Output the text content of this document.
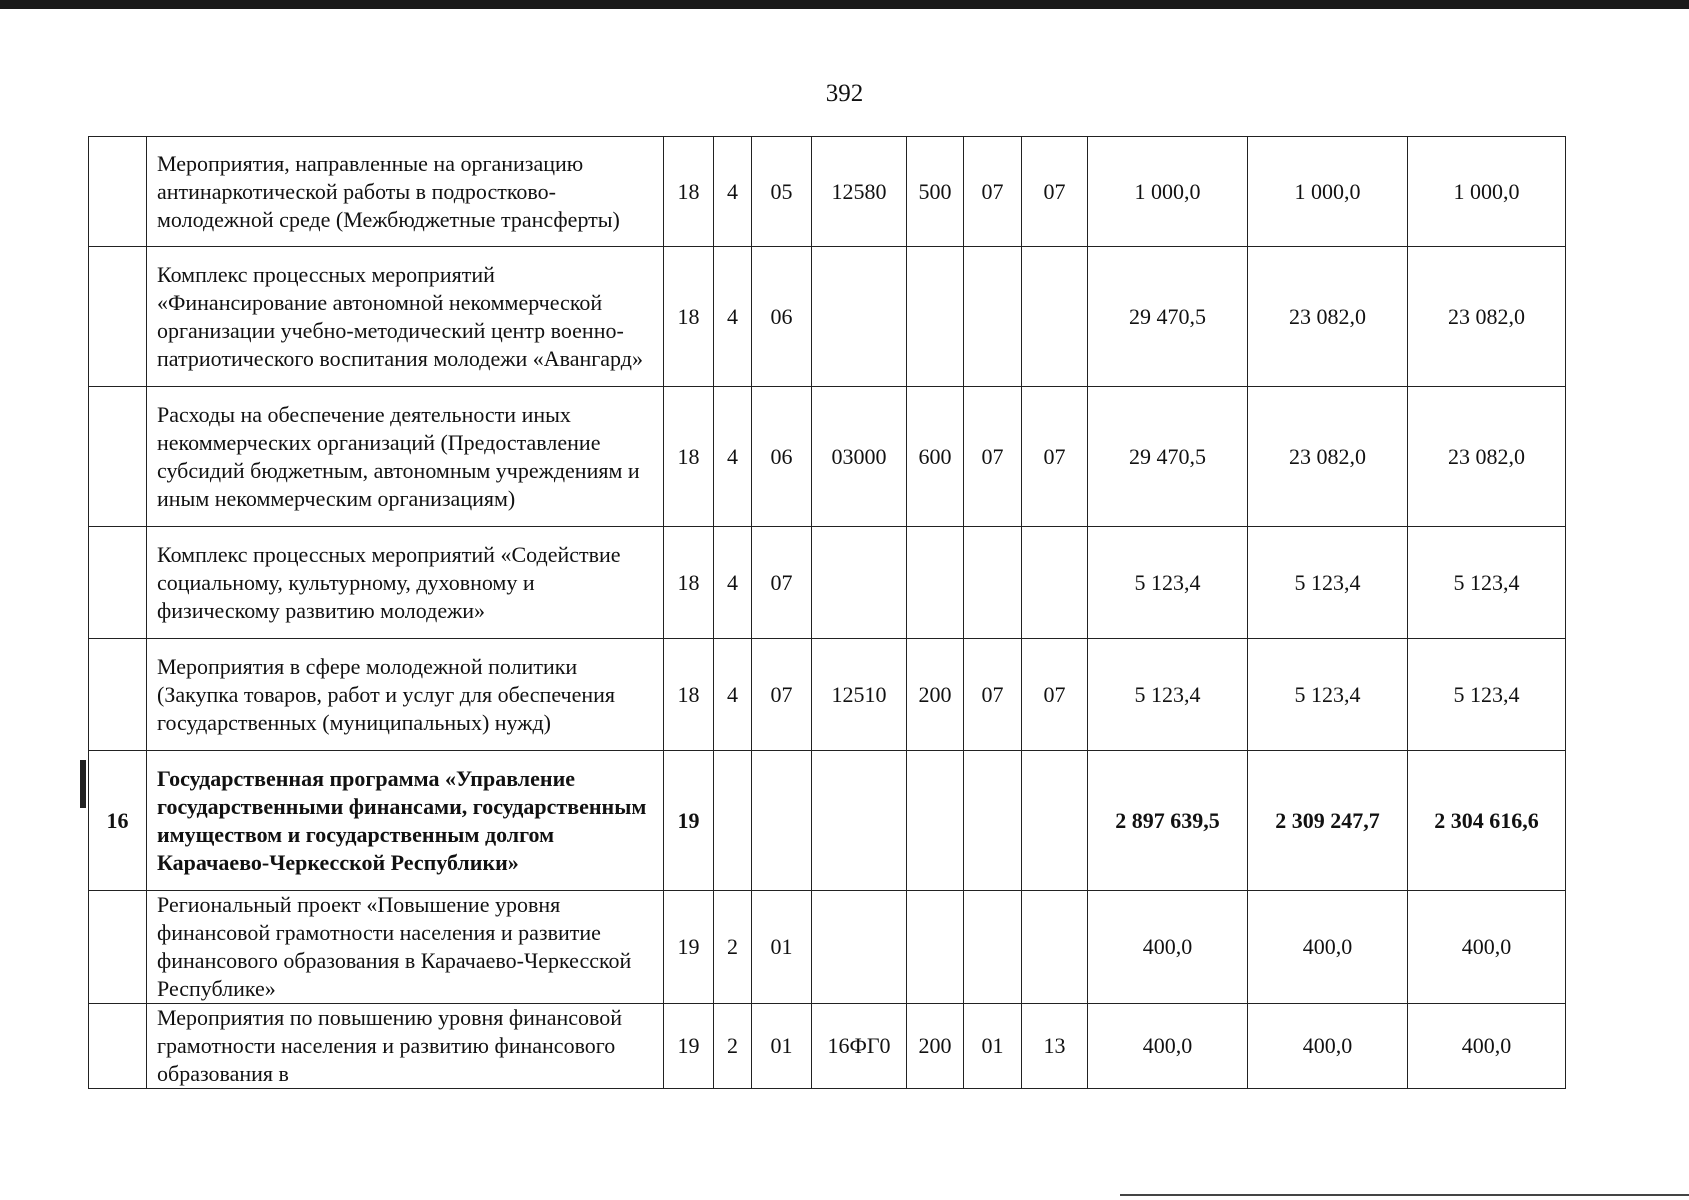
392
	Мероприятия, направленные на организацию антинаркотической работы в подростково-молодежной среде (Межбюджетные трансферты)	18	4	05	12580	500	07	07	1 000,0	1 000,0	1 000,0
	Комплекс процессных мероприятий «Финансирование автономной некоммерческой организации учебно-методический центр военно-патриотического воспитания молодежи «Авангард»	18	4	06					29 470,5	23 082,0	23 082,0
	Расходы на обеспечение деятельности иных некоммерческих организаций (Предоставление субсидий бюджетным, автономным учреждениям и иным некоммерческим организациям)	18	4	06	03000	600	07	07	29 470,5	23 082,0	23 082,0
	Комплекс процессных мероприятий «Содействие социальному, культурному, духовному и физическому развитию молодежи»	18	4	07					5 123,4	5 123,4	5 123,4
	Мероприятия в сфере молодежной политики (Закупка товаров, работ и услуг для обеспечения государственных (муниципальных) нужд)	18	4	07	12510	200	07	07	5 123,4	5 123,4	5 123,4
16	Государственная программа «Управление государственными финансами, государственным имуществом и государственным долгом Карачаево-Черкесской Республики»	19							2 897 639,5	2 309 247,7	2 304 616,6
	Региональный проект «Повышение уровня финансовой грамотности населения и развитие финансового образования в Карачаево-Черкесской Республике»	19	2	01					400,0	400,0	400,0
	Мероприятия по повышению уровня финансовой грамотности населения и развитию финансового образования в	19	2	01	16ФГ0	200	01	13	400,0	400,0	400,0
